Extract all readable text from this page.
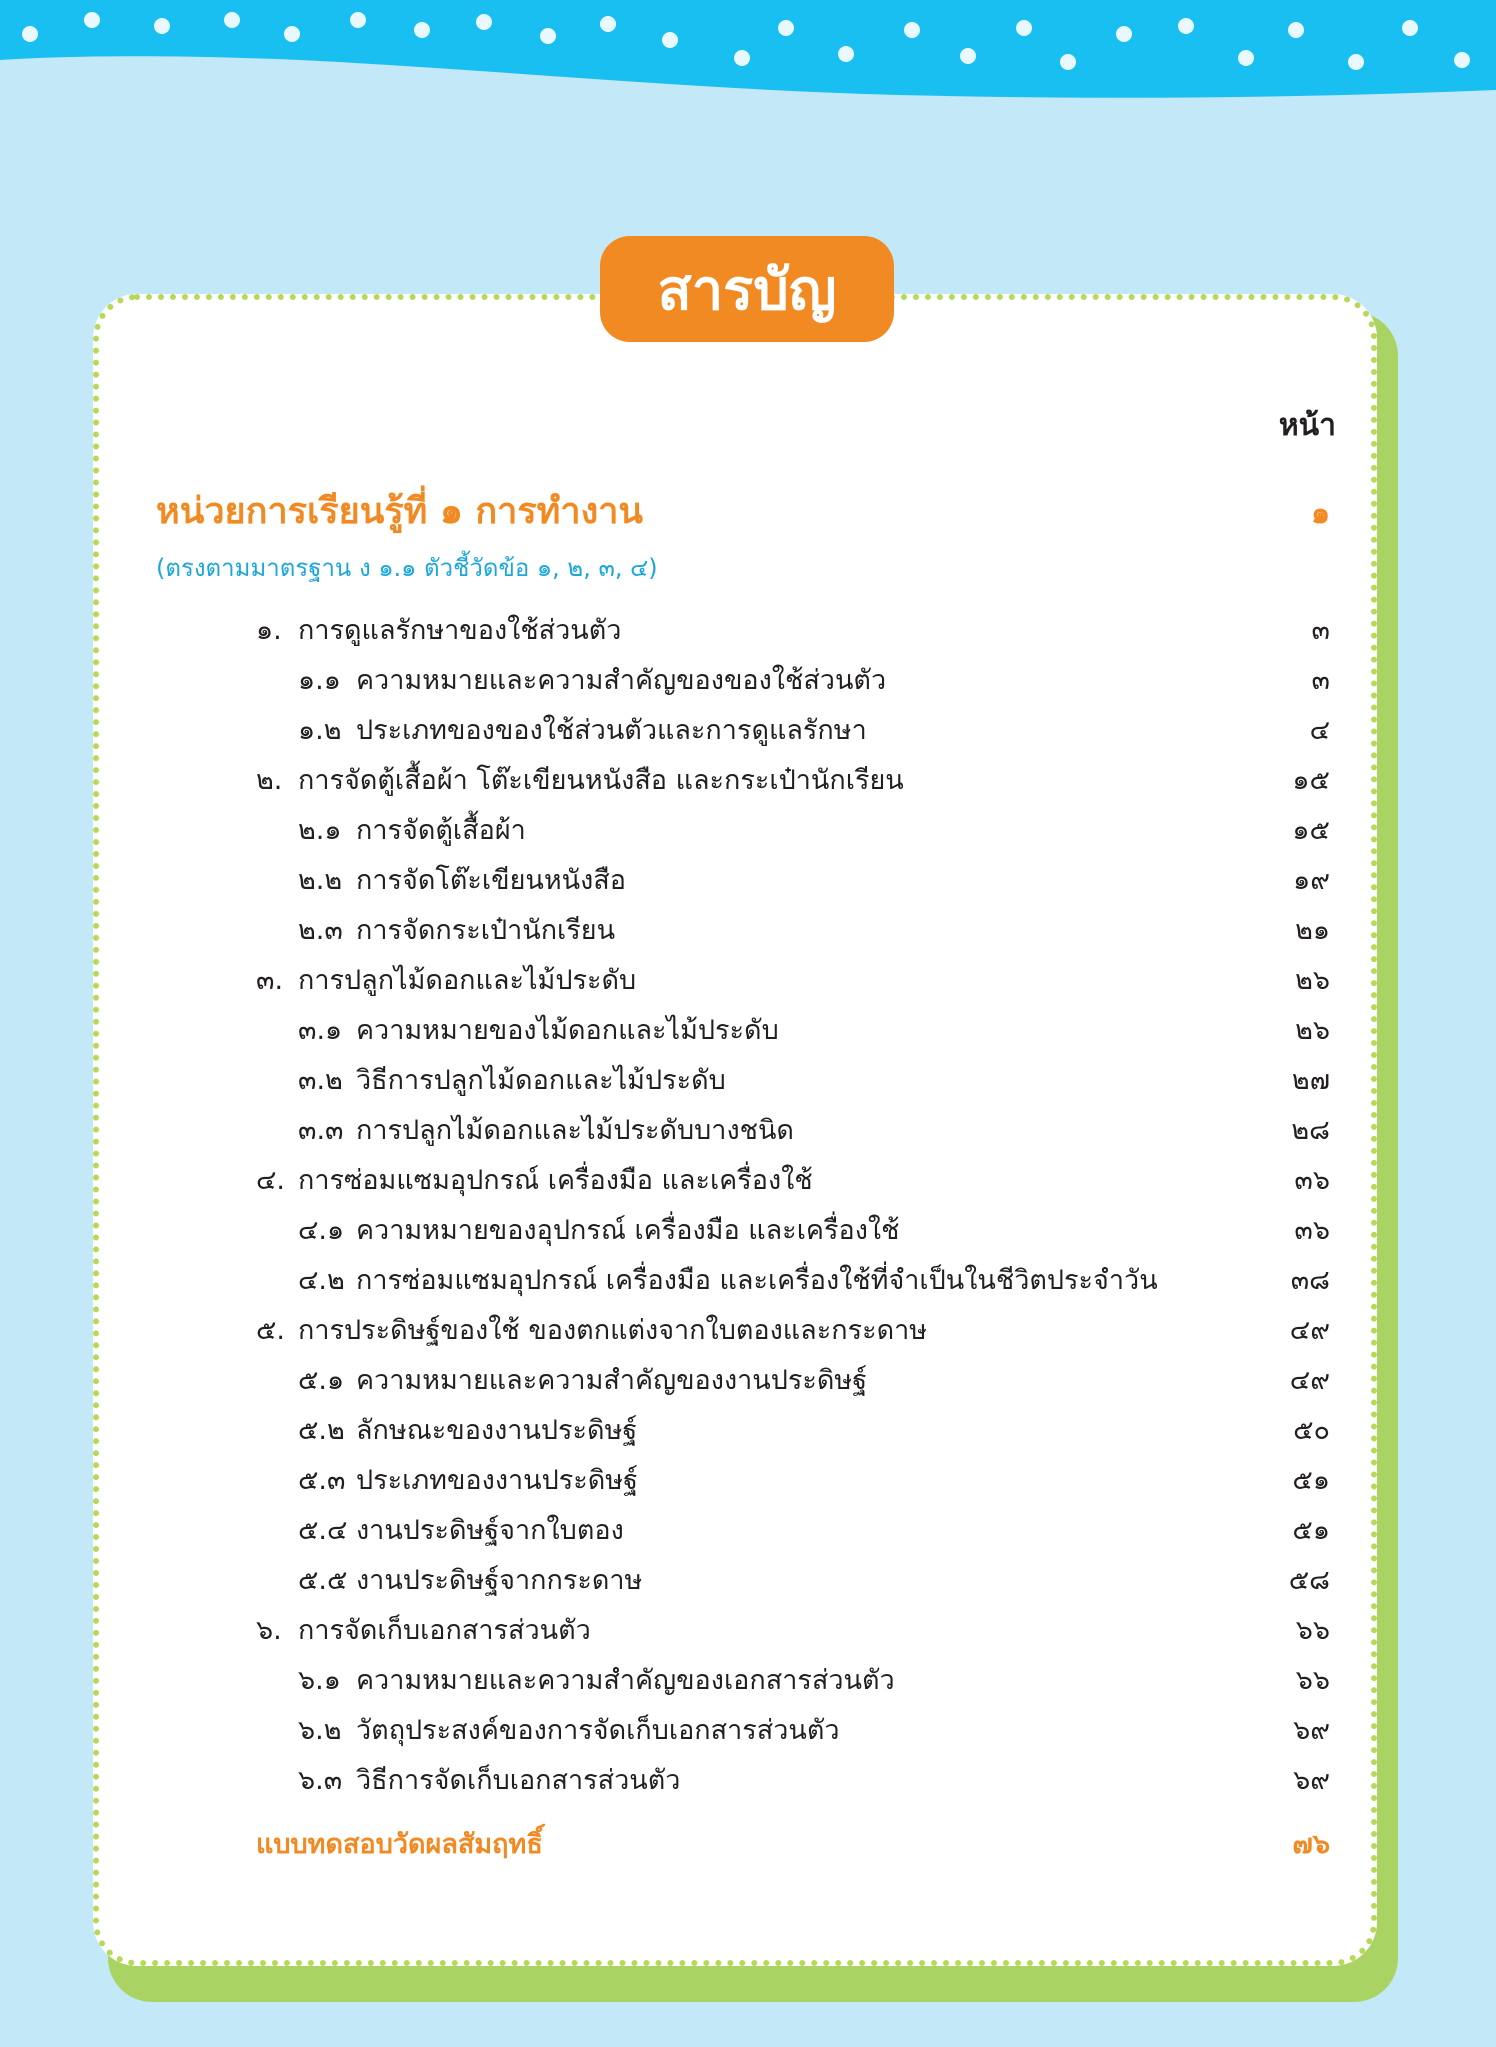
สารบัญ
หน้า
หน่วยการเรียนรู้ที่ ๑ การทำงาน	๑
(ตรงตามมาตรฐาน ง ๑.๑ ตัวชี้วัดข้อ ๑, ๒, ๓, ๔)
๑. การดูแลรักษาของใช้ส่วนตัว	๓
๑.๑ ความหมายและความสำคัญของของใช้ส่วนตัว	๓
๑.๒ ประเภทของของใช้ส่วนตัวและการดูแลรักษา	๔
๒. การจัดตู้เสื้อผ้า โต๊ะเขียนหนังสือ และกระเป๋านักเรียน	๑๕
๒.๑ การจัดตู้เสื้อผ้า	๑๕
๒.๒ การจัดโต๊ะเขียนหนังสือ	๑๙
๒.๓ การจัดกระเป๋านักเรียน	๒๑
๓. การปลูกไม้ดอกและไม้ประดับ	๒๖
๓.๑ ความหมายของไม้ดอกและไม้ประดับ	๒๖
๓.๒ วิธีการปลูกไม้ดอกและไม้ประดับ	๒๗
๓.๓ การปลูกไม้ดอกและไม้ประดับบางชนิด	๒๘
๔. การซ่อมแซมอุปกรณ์ เครื่องมือ และเครื่องใช้	๓๖
๔.๑ ความหมายของอุปกรณ์ เครื่องมือ และเครื่องใช้	๓๖
๔.๒ การซ่อมแซมอุปกรณ์ เครื่องมือ และเครื่องใช้ที่จำเป็นในชีวิตประจำวัน	๓๘
๕. การประดิษฐ์ของใช้ ของตกแต่งจากใบตองและกระดาษ	๔๙
๕.๑ ความหมายและความสำคัญของงานประดิษฐ์	๔๙
๕.๒ ลักษณะของงานประดิษฐ์	๕๐
๕.๓ ประเภทของงานประดิษฐ์	๕๑
๕.๔ งานประดิษฐ์จากใบตอง	๕๑
๕.๕ งานประดิษฐ์จากกระดาษ	๕๘
๖. การจัดเก็บเอกสารส่วนตัว	๖๖
๖.๑ ความหมายและความสำคัญของเอกสารส่วนตัว	๖๖
๖.๒ วัตถุประสงค์ของการจัดเก็บเอกสารส่วนตัว	๖๙
๖.๓ วิธีการจัดเก็บเอกสารส่วนตัว	๖๙
แบบทดสอบวัดผลสัมฤทธิ์	๗๖
